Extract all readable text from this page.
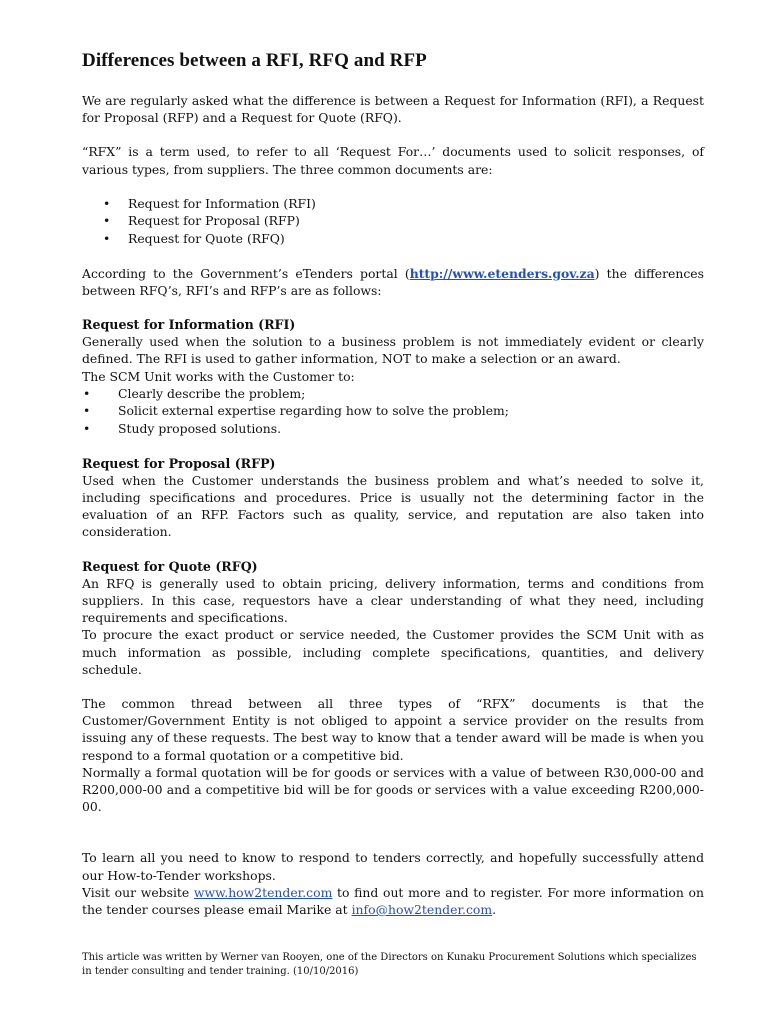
Differences between a RFI, RFQ and RFP

We are regularly asked what the difference is between a Request for Information (RFI), a Request for Proposal (RFP) and a Request for Quote (RFQ).

“RFX” is a term used, to refer to all ‘Request For…’ documents used to solicit responses, of various types, from suppliers. The three common documents are:

• Request for Information (RFI)
• Request for Proposal (RFP)
• Request for Quote (RFQ)

According to the Government’s eTenders portal (http://www.etenders.gov.za) the differences between RFQ’s, RFI’s and RFP’s are as follows:

Request for Information (RFI)

Generally used when the solution to a business problem is not immediately evident or clearly defined. The RFI is used to gather information, NOT to make a selection or an award.

The SCM Unit works with the Customer to:

• Clearly describe the problem;
• Solicit external expertise regarding how to solve the problem;
• Study proposed solutions.
Request for Proposal (RFP)

Used when the Customer understands the business problem and what’s needed to solve it, including specifications and procedures. Price is usually not the determining factor in the evaluation of an RFP. Factors such as quality, service, and reputation are also taken into consideration.

Request for Quote (RFQ)

An RFQ is generally used to obtain pricing, delivery information, terms and conditions from suppliers. In this case, requestors have a clear understanding of what they need, including requirements and specifications.

To procure the exact product or service needed, the Customer provides the SCM Unit with as much information as possible, including complete specifications, quantities, and delivery schedule.

The common thread between all three types of “RFX” documents is that the Customer/Government Entity is not obliged to appoint a service provider on the results from issuing any of these requests. The best way to know that a tender award will be made is when you respond to a formal quotation or a competitive bid.

Normally a formal quotation will be for goods or services with a value of between R30,000-00 and R200,000-00 and a competitive bid will be for goods or services with a value exceeding R200,000-00.

To learn all you need to know to respond to tenders correctly, and hopefully successfully attend our How-to-Tender workshops.

Visit our website www.how2tender.com to find out more and to register. For more information on the tender courses please email Marike at info@how2tender.com.

This article was written by Werner van Rooyen, one of the Directors on Kunaku Procurement Solutions which specializes in tender consulting and tender training. (10/10/2016)
